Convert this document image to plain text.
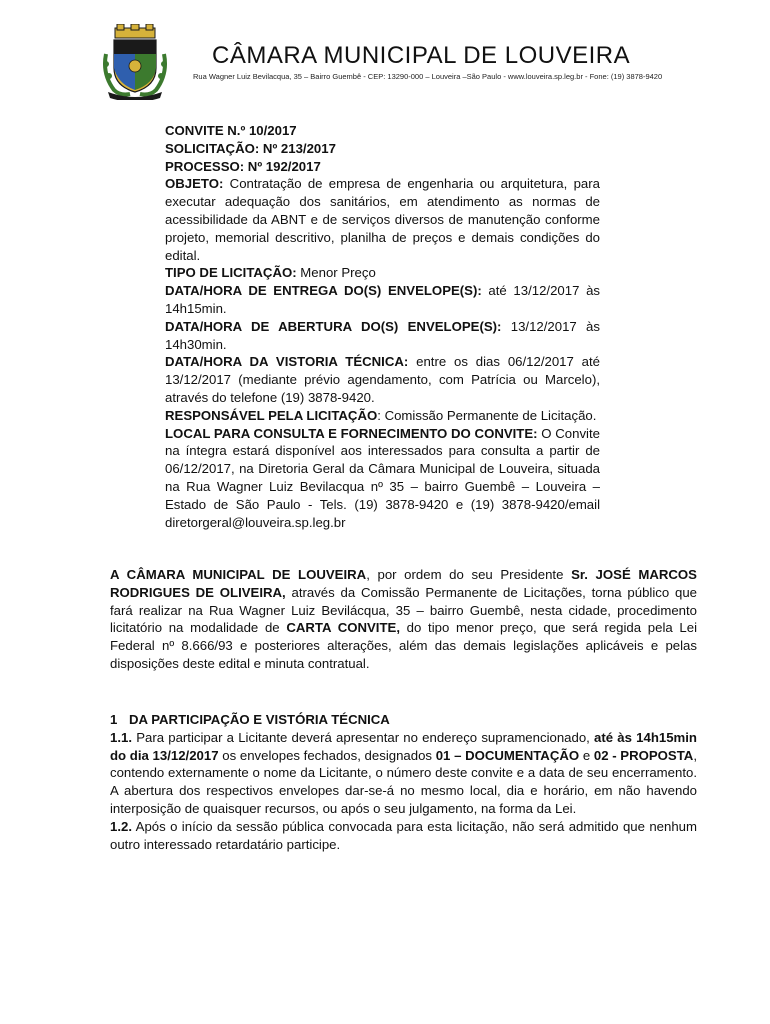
CÂMARA MUNICIPAL DE LOUVEIRA
Rua Wagner Luiz Bevilacqua, 35 – Bairro Guembê - CEP: 13290-000 – Louveira –São Paulo - www.louveira.sp.leg.br - Fone: (19) 3878-9420

CONVITE N.º 10/2017

SOLICITAÇÃO: Nº 213/2017

PROCESSO: Nº 192/2017

OBJETO: Contratação de empresa de engenharia ou arquitetura, para executar adequação dos sanitários, em atendimento as normas de acessibilidade da ABNT e de serviços diversos de manutenção conforme projeto, memorial descritivo, planilha de preços e demais condições do edital.

TIPO DE LICITAÇÃO: Menor Preço

DATA/HORA DE ENTREGA DO(S) ENVELOPE(S): até 13/12/2017 às 14h15min.

DATA/HORA DE ABERTURA DO(S) ENVELOPE(S): 13/12/2017 às 14h30min.

DATA/HORA DA VISTORIA TÉCNICA: entre os dias 06/12/2017 até 13/12/2017 (mediante prévio agendamento, com Patrícia ou Marcelo), através do telefone (19) 3878-9420.

RESPONSÁVEL PELA LICITAÇÃO: Comissão Permanente de Licitação.

LOCAL PARA CONSULTA E FORNECIMENTO DO CONVITE: O Convite na íntegra estará disponível aos interessados para consulta a partir de 06/12/2017, na Diretoria Geral da Câmara Municipal de Louveira, situada na Rua Wagner Luiz Bevilacqua nº 35 – bairro Guembê – Louveira – Estado de São Paulo - Tels. (19) 3878-9420 e (19) 3878-9420/email diretorgeral@louveira.sp.leg.br

A CÂMARA MUNICIPAL DE LOUVEIRA, por ordem do seu Presidente Sr. JOSÉ MARCOS RODRIGUES DE OLIVEIRA, através da Comissão Permanente de Licitações, torna público que fará realizar na Rua Wagner Luiz Bevilácqua, 35 – bairro Guembê, nesta cidade, procedimento licitatório na modalidade de CARTA CONVITE, do tipo menor preço, que será regida pela Lei Federal nº 8.666/93 e posteriores alterações, além das demais legislações aplicáveis e pelas disposições deste edital e minuta contratual.

1 DA PARTICIPAÇÃO E VISTÓRIA TÉCNICA

1.1. Para participar a Licitante deverá apresentar no endereço supramencionado, até às 14h15min do dia 13/12/2017 os envelopes fechados, designados 01 – DOCUMENTAÇÃO e 02 - PROPOSTA, contendo externamente o nome da Licitante, o número deste convite e a data de seu encerramento. A abertura dos respectivos envelopes dar-se-á no mesmo local, dia e horário, em não havendo interposição de quaisquer recursos, ou após o seu julgamento, na forma da Lei.

1.2. Após o início da sessão pública convocada para esta licitação, não será admitido que nenhum outro interessado retardatário participe.
